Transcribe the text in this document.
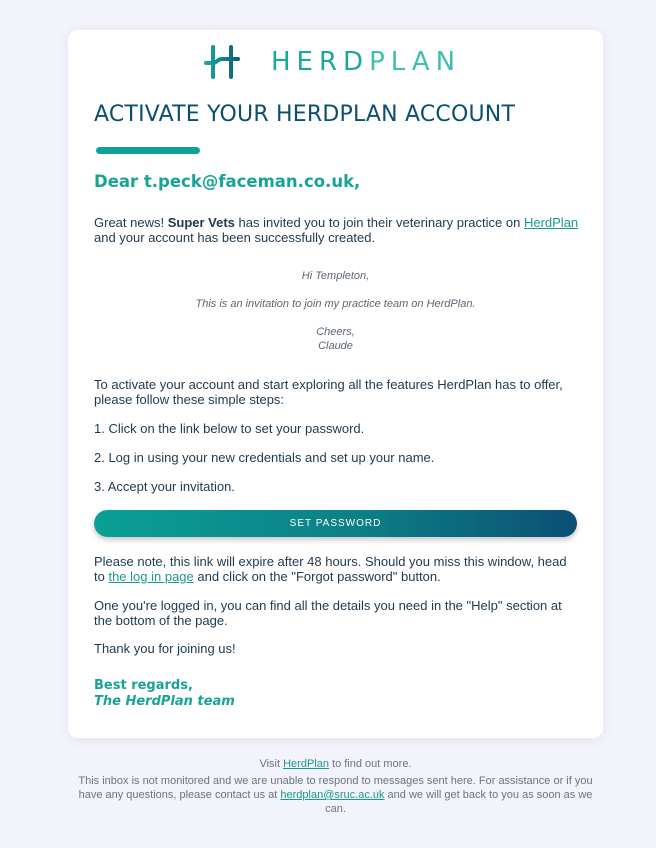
HERDPLAN
ACTIVATE YOUR HERDPLAN ACCOUNT
Dear t.peck@faceman.co.uk,

Great news! Super Vets has invited you to join their veterinary practice on HerdPlan and your account has been successfully created.

Hi Templeton,

This is an invitation to join my practice team on HerdPlan.

Cheers,

Claude

To activate your account and start exploring all the features HerdPlan has to offer, please follow these simple steps:

1. Click on the link below to set your password.

2. Log in using your new credentials and set up your name.

3. Accept your invitation.

SET PASSWORD

Please note, this link will expire after 48 hours. Should you miss this window, head to the log in page and click on the "Forgot password" button.

One you're logged in, you can find all the details you need in the "Help" section at the bottom of the page.

Thank you for joining us!

Best regards,
The HerdPlan team

Visit HerdPlan to find out more.

This inbox is not monitored and we are unable to respond to messages sent here. For assistance or if you have any questions, please contact us at herdplan@sruc.ac.uk and we will get back to you as soon as we can.
